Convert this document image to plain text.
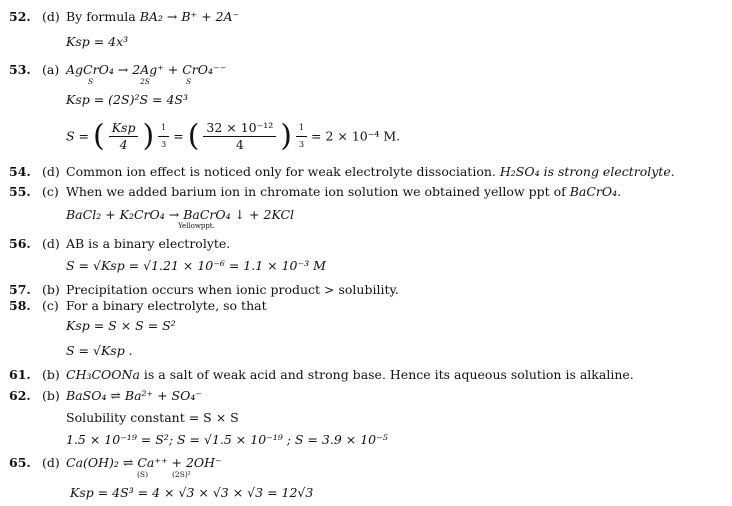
52. (d) By formula BA₂ → B⁺ + 2A⁻
Ksp = 4x³
53. (a) AgCrO₄ → 2Ag⁺ + CrO₄⁻⁻
S	2S	S
Ksp = (2S)²S = 4S³
S = ( $\frac{\text{Ksp}}{4}$ ) $\frac{1}{3}$ = ( $\frac{\text{32 × 10⁻¹²}}{4}$ ) $\frac{1}{3} = 2 \times 10^{-4}$ M.
54. (d) Common ion effect is noticed only for weak electrolyte dissociation. H₂SO₄ is strong electrolyte.
55. (c) When we added barium ion in chromate ion solution we obtained yellow ppt of BaCrO₄.
BaCl₂ + K₂CrO₄ → BaCrO₄ ↓ + 2KCl
Yellowppt.
56. (d) AB is a binary electrolyte.
S = √Ksp = √1.21 × 10⁻⁶ = 1.1 × 10⁻³ M
57. (b) Precipitation occurs when ionic product > solubility.
58. (c) For a binary electrolyte, so that
Ksp = S × S = S²
S = √Ksp .
61. (b) CH₃COONa is a salt of weak acid and strong base. Hence its aqueous solution is alkaline.
62. (b) BaSO₄ ⇌ Ba²⁺ + SO₄⁻
Solubility constant = S × S
1.5 × 10⁻¹⁹ = S²; S = √1.5 × 10⁻¹⁹ ; S = 3.9 × 10⁻⁵
65. (d) Ca(OH)₂ ⇌ Ca⁺⁺ + 2OH⁻
(S)	(2S)²
Ksp = 4S³ = 4 × √3 × √3 × √3 = 12√3
